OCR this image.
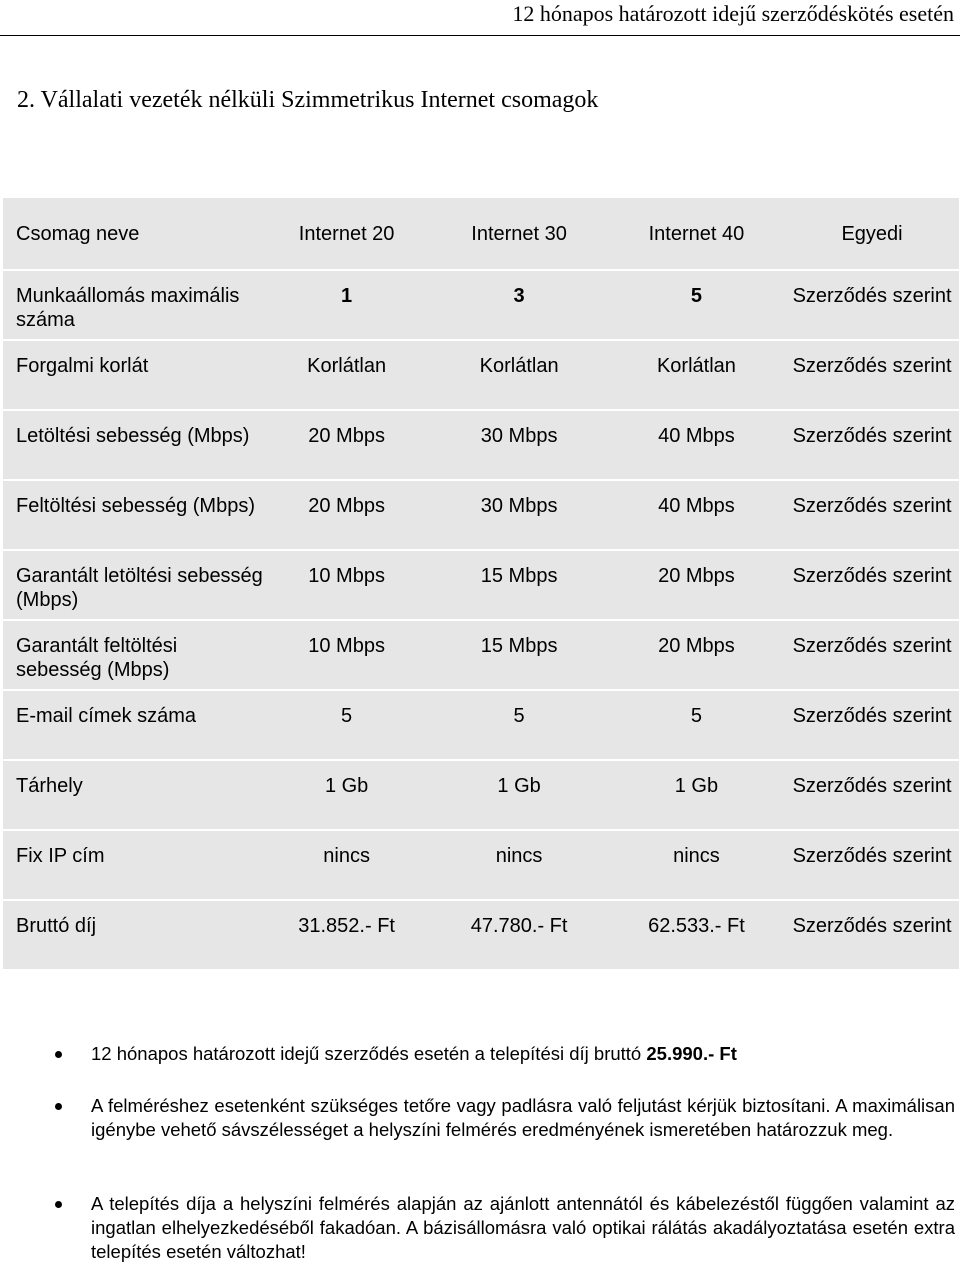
12 hónapos határozott idejű szerződéskötés esetén
2. Vállalati vezeték nélküli Szimmetrikus Internet csomagok
Csomag neve	Internet 20	Internet 30	Internet 40	Egyedi
Munkaállomás maximális száma	1	3	5	Szerződés szerint
Forgalmi korlát	Korlátlan	Korlátlan	Korlátlan	Szerződés szerint
Letöltési sebesség (Mbps)	20 Mbps	30 Mbps	40 Mbps	Szerződés szerint
Feltöltési sebesség (Mbps)	20 Mbps	30 Mbps	40 Mbps	Szerződés szerint
Garantált letöltési sebesség (Mbps)	10 Mbps	15 Mbps	20 Mbps	Szerződés szerint
Garantált feltöltési sebesség (Mbps)	10 Mbps	15 Mbps	20 Mbps	Szerződés szerint
E-mail címek száma	5	5	5	Szerződés szerint
Tárhely	1 Gb	1 Gb	1 Gb	Szerződés szerint
Fix IP cím	nincs	nincs	nincs	Szerződés szerint
Bruttó díj	31.852.- Ft	47.780.- Ft	62.533.- Ft	Szerződés szerint
12 hónapos határozott idejű szerződés esetén a telepítési díj bruttó 25.990.- Ft
A felméréshez esetenként szükséges tetőre vagy padlásra való feljutást kérjük biztosítani. A maximálisan igénybe vehető sávszélességet a helyszíni felmérés eredményének ismeretében határozzuk meg.
A telepítés díja a helyszíni felmérés alapján az ajánlott antennától és kábelezéstől függően valamint az ingatlan elhelyezkedéséből fakadóan. A bázisállomásra való optikai rálátás akadályoztatása esetén extra telepítés esetén változhat!
